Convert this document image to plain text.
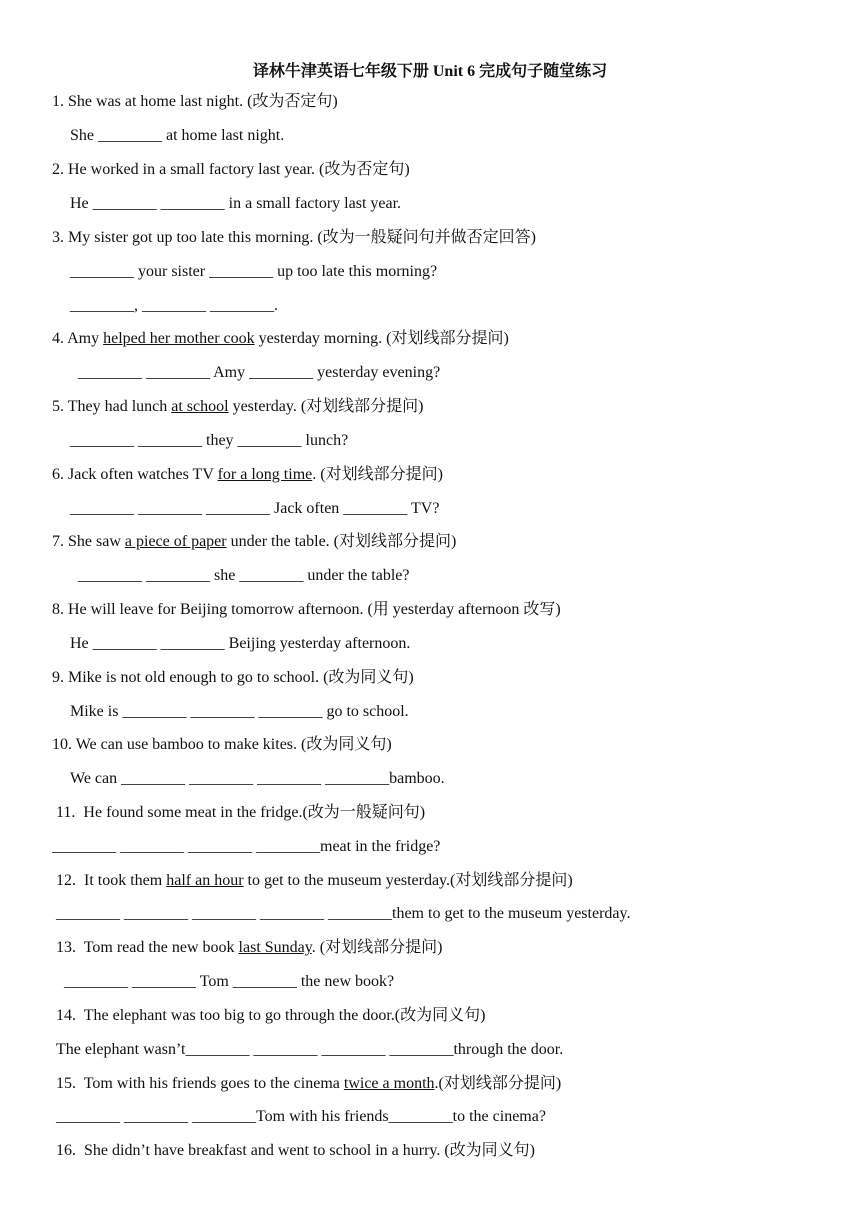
译林牛津英语七年级下册 Unit 6 完成句子随堂练习
1. She was at home last night. (改为否定句)
She ________ at home last night.
2. He worked in a small factory last year. (改为否定句)
He ________ ________ in a small factory last year.
3. My sister got up too late this morning. (改为一般疑问句并做否定回答)
________ your sister ________ up too late this morning?
________, ________ ________.
4. Amy helped her mother cook yesterday morning. (对划线部分提问)
________ ________ Amy ________ yesterday evening?
5. They had lunch at school yesterday. (对划线部分提问)
________ ________ they ________ lunch?
6. Jack often watches TV for a long time. (对划线部分提问)
________ ________ ________ Jack often ________ TV?
7. She saw a piece of paper under the table. (对划线部分提问)
________ ________ she ________ under the table?
8. He will leave for Beijing tomorrow afternoon. (用 yesterday afternoon 改写)
He ________ ________ Beijing yesterday afternoon.
9. Mike is not old enough to go to school. (改为同义句)
Mike is ________ ________ ________ go to school.
10. We can use bamboo to make kites. (改为同义句)
We can ________ ________ ________ ________bamboo.
11.  He found some meat in the fridge.(改为一般疑问句)
________ ________ ________ ________meat in the fridge?
12.  It took them half an hour to get to the museum yesterday.(对划线部分提问)
________ ________ ________ ________ ________them to get to the museum yesterday.
13.  Tom read the new book last Sunday. (对划线部分提问)
________ ________ Tom ________ the new book?
14.  The elephant was too big to go through the door.(改为同义句)
The elephant wasn’t________ ________ ________ ________through the door.
15.  Tom with his friends goes to the cinema twice a month.(对划线部分提问)
________ ________ ________Tom with his friends________to the cinema?
16.  She didn’t have breakfast and went to school in a hurry. (改为同义句)
